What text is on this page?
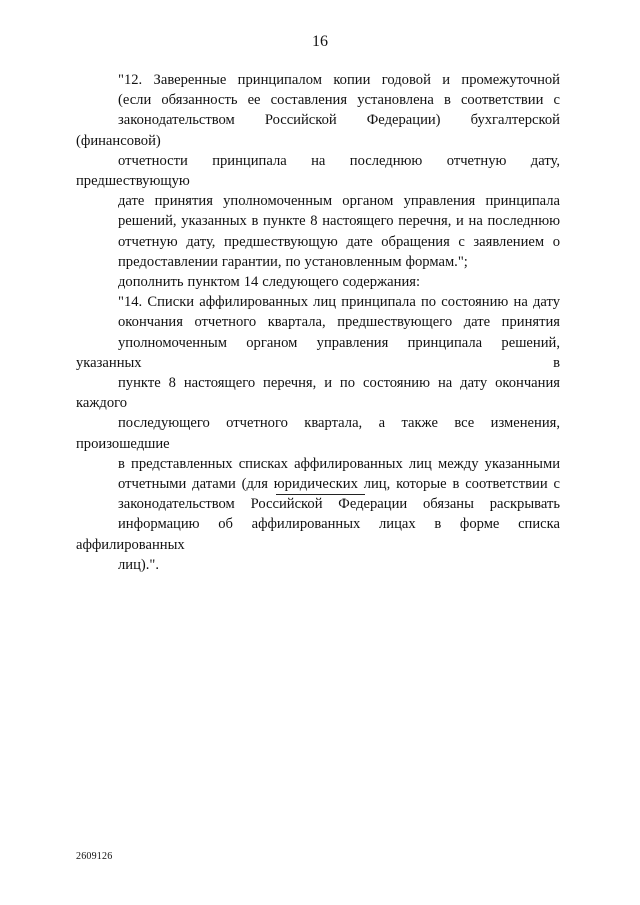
16

"12. Заверенные принципалом копии годовой и промежуточной
(если обязанность ее составления установлена в соответствии с
законодательством Российской Федерации) бухгалтерской (финансовой)
отчетности принципала на последнюю отчетную дату, предшествующую
дате принятия уполномоченным органом управления принципала
решений, указанных в пункте 8 настоящего перечня, и на последнюю
отчетную дату, предшествующую дате обращения с заявлением о
предоставлении гарантии, по установленным формам.";

дополнить пунктом 14 следующего содержания:

"14. Списки аффилированных лиц принципала по состоянию на дату
окончания отчетного квартала, предшествующего дате принятия
уполномоченным органом управления принципала решений, указанных в
пункте 8 настоящего перечня, и по состоянию на дату окончания каждого
последующего отчетного квартала, а также все изменения, произошедшие
в представленных списках аффилированных лиц между указанными
отчетными датами (для юридических лиц, которые в соответствии с
законодательством Российской Федерации обязаны раскрывать
информацию об аффилированных лицах в форме списка аффилированных
лиц).".

2609126
